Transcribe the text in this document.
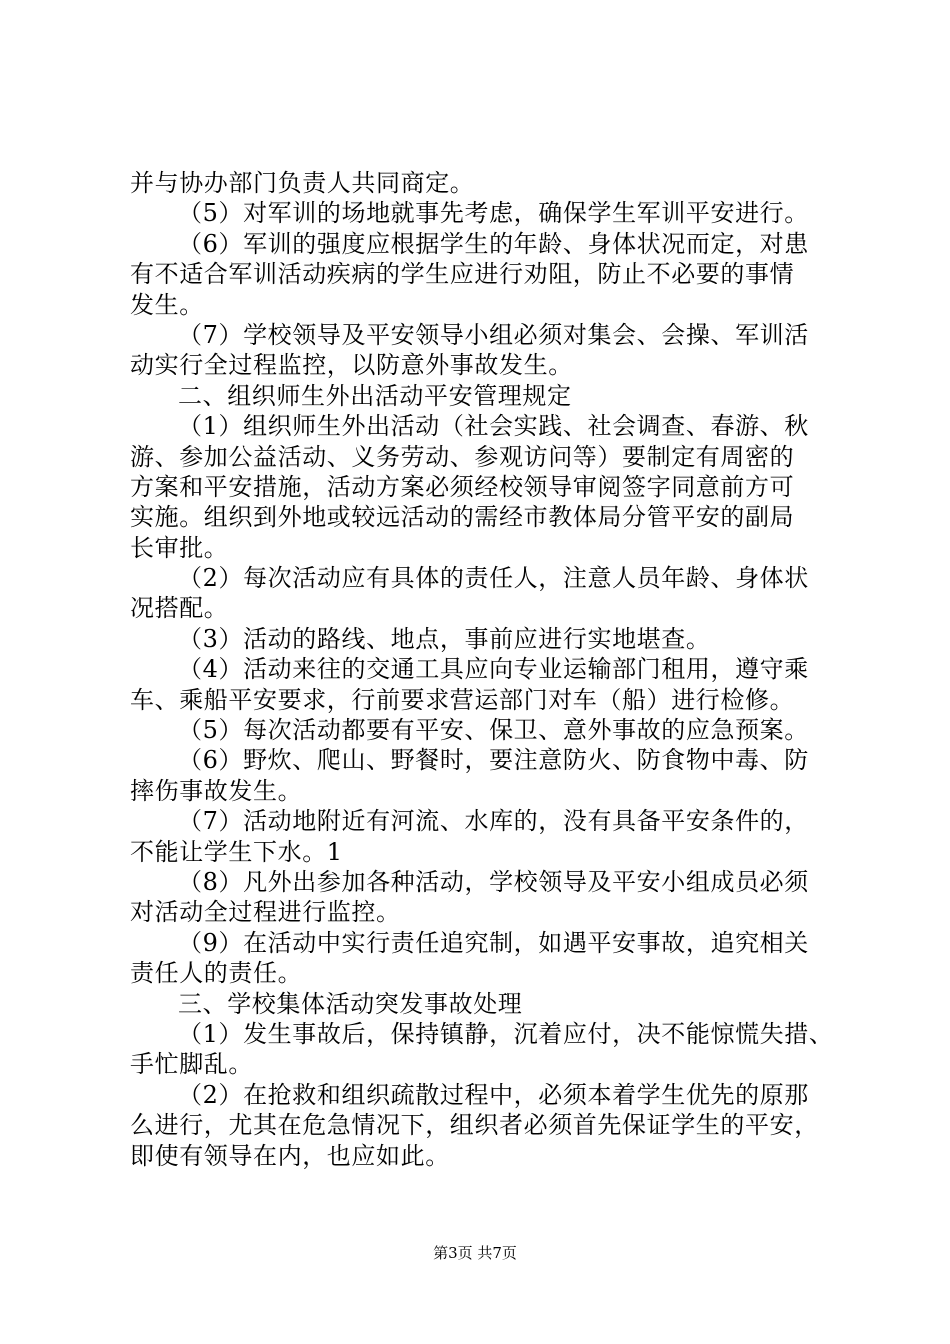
并与协办部门负责人共同商定。
（5）对军训的场地就事先考虑，确保学生军训平安进行。
（6）军训的强度应根据学生的年龄、身体状况而定，对患
有不适合军训活动疾病的学生应进行劝阻，防止不必要的事情
发生。
（7）学校领导及平安领导小组必须对集会、会操、军训活
动实行全过程监控，以防意外事故发生。
二、组织师生外出活动平安管理规定
（1）组织师生外出活动（社会实践、社会调查、春游、秋
游、参加公益活动、义务劳动、参观访问等）要制定有周密的
方案和平安措施，活动方案必须经校领导审阅签字同意前方可
实施。组织到外地或较远活动的需经市教体局分管平安的副局
长审批。
（2）每次活动应有具体的责任人，注意人员年龄、身体状
况搭配。
（3）活动的路线、地点，事前应进行实地堪查。
（4）活动来往的交通工具应向专业运输部门租用，遵守乘
车、乘船平安要求，行前要求营运部门对车（船）进行检修。
（5）每次活动都要有平安、保卫、意外事故的应急预案。
（6）野炊、爬山、野餐时，要注意防火、防食物中毒、防
摔伤事故发生。
（7）活动地附近有河流、水库的，没有具备平安条件的，
不能让学生下水。1
（8）凡外出参加各种活动，学校领导及平安小组成员必须
对活动全过程进行监控。
（9）在活动中实行责任追究制，如遇平安事故，追究相关
责任人的责任。
三、学校集体活动突发事故处理
（1）发生事故后，保持镇静，沉着应付，决不能惊慌失措、
手忙脚乱。
（2）在抢救和组织疏散过程中，必须本着学生优先的原那
么进行，尤其在危急情况下，组织者必须首先保证学生的平安，
即使有领导在内，也应如此。
第3页 共7页
